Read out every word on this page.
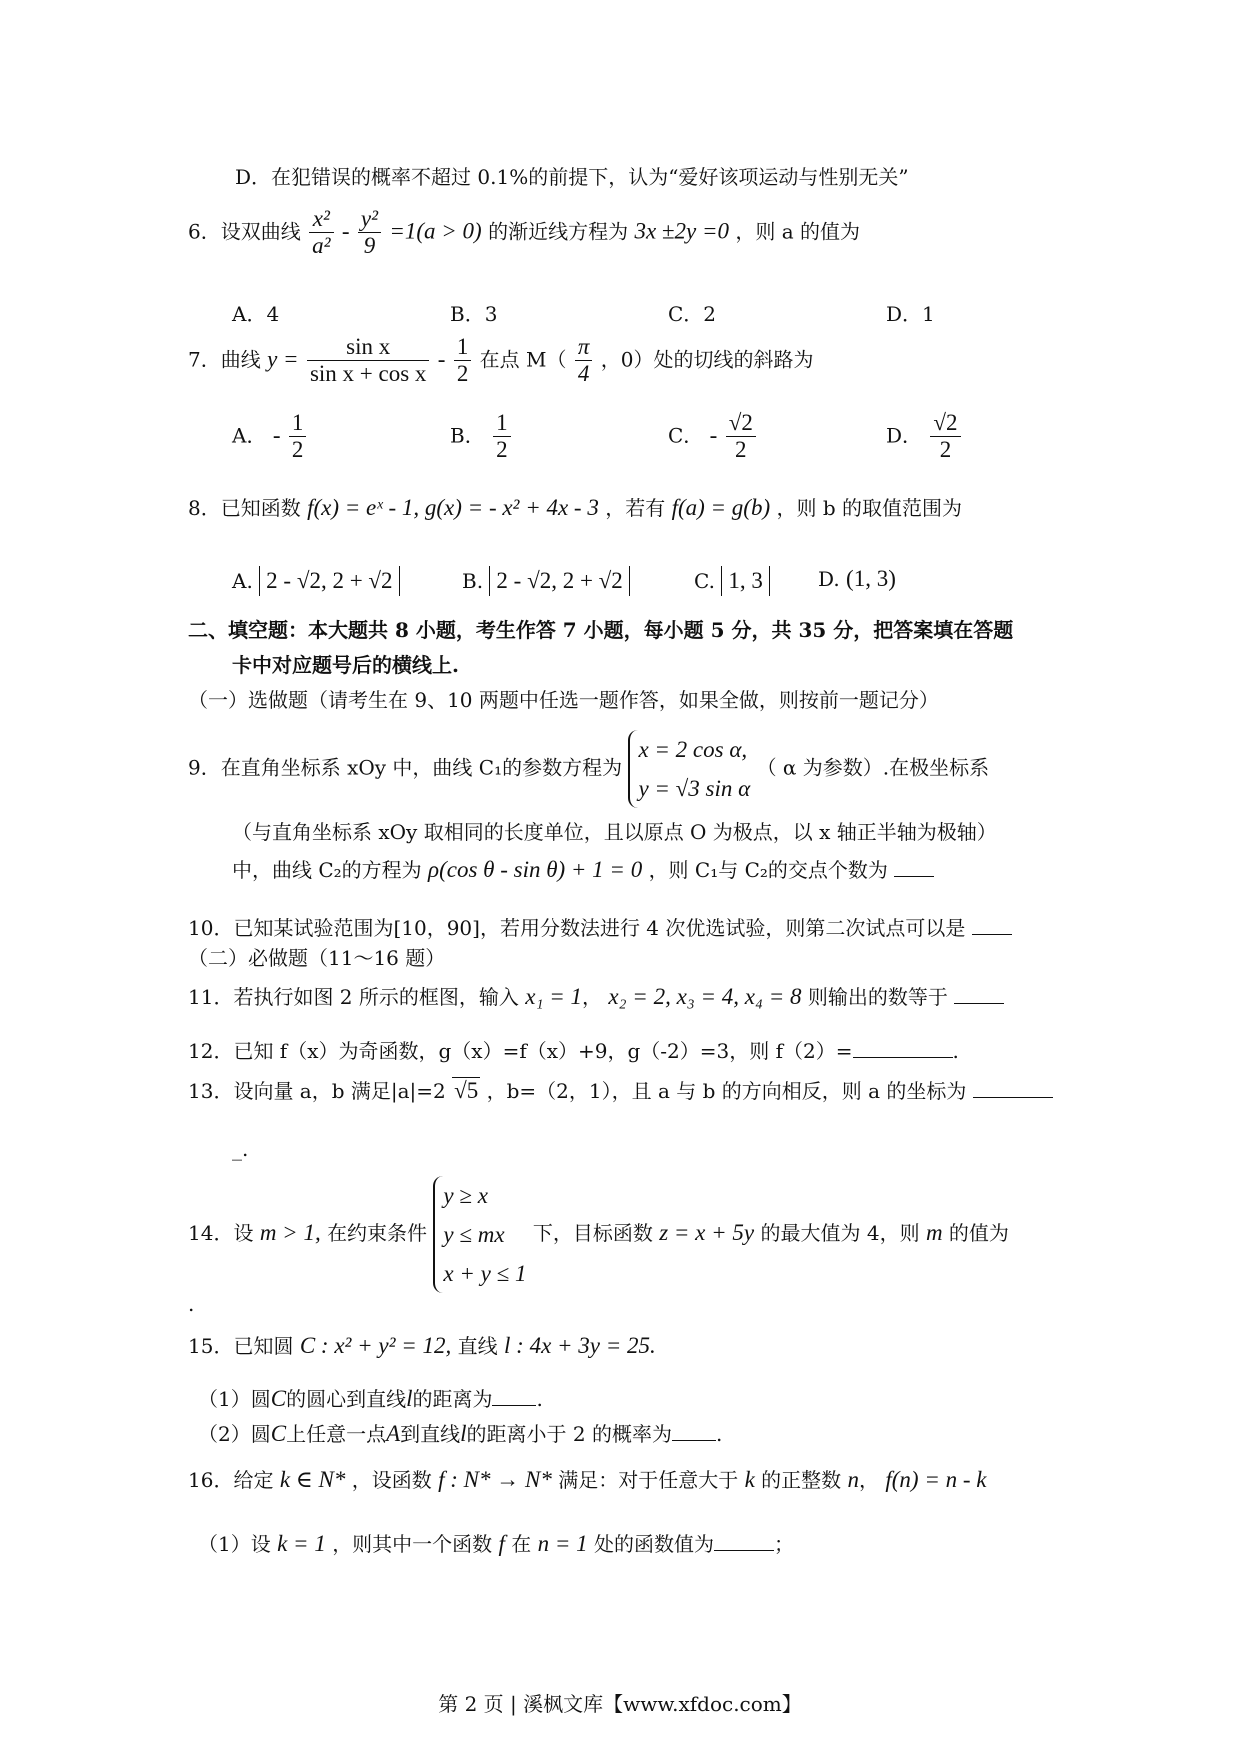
D．在犯错误的概率不超过 0.1%的前提下，认为“爱好该项运动与性别无关”
6．设双曲线 $\frac{\text{x²}}{\text{a²}} - \frac{\text{y²}}{9} =1(a > 0)$ 的渐近线方程为 3x ±2y =0 ，则 a 的值为
A．4	B．3	C．2	D．1
7．曲线 $y = \frac{\text{sin x}}{\text{sin x + cos x}} - \frac{1}{2}$ 在点 $M( \frac{\pi}{4}$ ，0）处的切线的斜路为
A． - $\frac{1}{2}$	B． $\frac{1}{2}$	C． - $\frac{√2}{2}$	D． $\frac{√2}{2}$
8．已知函数 f(x) = eˣ - 1, g(x) = - x² + 4x - 3 ，若有 f(a) = g(b) ，则 b 的取值范围为
A. 2 - √2, 2 + √2	B. 2 - √2, 2 + √2	C. 1, 3	D. (1, 3)
二、填空题：本大题共 8 小题，考生作答 7 小题，每小题 5 分，共 35 分，把答案填在答题
卡中对应题号后的横线上.
（一）选做题（请考生在 9、10 两题中任选一题作答，如果全做，则按前一题记分）
9．在直角坐标系 xOy 中，曲线 C₁的参数方程为
x = 2 cos α,
y = √3 sin α
（ α 为参数）.在极坐标系
（与直角坐标系 xOy 取相同的长度单位，且以原点 O 为极点，以 x 轴正半轴为极轴）
中，曲线 C₂的方程为 ρ(cos θ - sin θ) + 1 = 0 ，则 C₁与 C₂的交点个数为
10．已知某试验范围为[10，90]，若用分数法进行 4 次优选试验，则第二次试点可以是
（二）必做题（11～16 题）
11．若执行如图 2 所示的框图，输入 x₁ = 1， x₂ = 2, x₃ = 4, x₄ = 8 则输出的数等于
12．已知 f（x）为奇函数，g（x）=f（x）+9，g（-2）=3，则 f（2）=	.
13．设向量 a，b 满足|a|=2 √5 ，b=（2，1），且 a 与 b 的方向相反，则 a 的坐标为
_.
14．设 m > 1, 在约束条件
y ≥ x
y ≤ mx
x + y ≤ 1
下，目标函数 z = x + 5y 的最大值为 4，则 m 的值为
.
15．已知圆 C : x² + y² = 12, 直线 l : 4x + 3y = 25.
（1）圆C的圆心到直线l的距离为 .
（2）圆C上任意一点A到直线l的距离小于 2 的概率为 .
16．给定 k ∈ N* ，设函数 f : N* → N* 满足：对于任意大于 k 的正整数 n， f(n) = n - k
（1）设 k = 1 ，则其中一个函数 f 在 n = 1 处的函数值为	；
第 2 页 | 溪枫文库【www.xfdoc.com】
